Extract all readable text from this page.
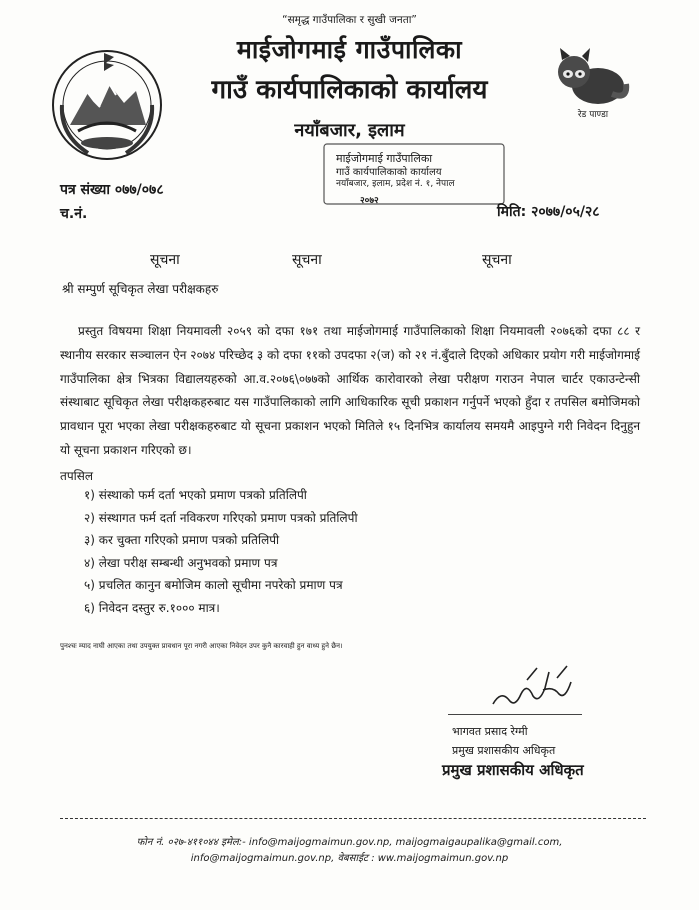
“समृद्ध गाउँपालिका र सुखी जनता”
माईजोगमाई गाउँपालिका
गाउँ कार्यपालिकाको कार्यालय
नयाँबजार, इलाम
रेड पाण्डा
माईजोगमाई गाउँपालिका
गाउँ कार्यपालिकाको कार्यालय
नयाँबजार, इलाम, प्रदेश नं. १, नेपाल
२०७२
पत्र संख्या ०७७/०७८
च.नं.	मिति: २०७७/०५/२८
सूचना	सूचना	सूचना
श्री सम्पुर्ण सूचिकृत लेखा परीक्षकहरु

प्रस्तुत विषयमा शिक्षा नियमावली २०५९ को दफा १७१ तथा माईजोगमाई गाउँपालिकाको शिक्षा नियमावली २०७६को दफा ८८ र स्थानीय सरकार सञ्चालन ऐन २०७४ परिच्छेद ३ को दफा ११को उपदफा २(ज) को २१ नं.बुँदाले दिएको अधिकार प्रयोग गरी माईजोगमाई गाउँपालिका क्षेत्र भित्रका विद्यालयहरुको आ.व.२०७६\०७७को आर्थिक कारोवारको लेखा परीक्षण गराउन नेपाल चार्टर एकाउन्टेन्सी संस्थाबाट सूचिकृत लेखा परीक्षकहरुबाट यस गाउँपालिकाको लागि आधिकारिक सूची प्रकाशन गर्नुपर्ने भएको हुँदा र तपसिल बमोजिमको प्रावधान पूरा भएका लेखा परीक्षकहरुबाट यो सूचना प्रकाशन भएको मितिले १५ दिनभित्र कार्यालय समयमै आइपुग्ने गरी निवेदन दिनुहुन यो सूचना प्रकाशन गरिएको छ।

तपसिल
१) संस्थाको फर्म दर्ता भएको प्रमाण पत्रको प्रतिलिपी
२) संस्थागत फर्म दर्ता नविकरण गरिएको प्रमाण पत्रको प्रतिलिपी
३) कर चुक्ता गरिएको प्रमाण पत्रको प्रतिलिपी
४) लेखा परीक्ष सम्बन्धी अनुभवको प्रमाण पत्र
५) प्रचलित कानुन बमोजिम कालो सूचीमा नपरेको प्रमाण पत्र
६) निवेदन दस्तुर रु.१००० मात्र।
पुनश्चः म्याद नाघी आएका तथा उपयुक्त प्रावधान पूरा नगरी आएका निवेदन उपर कुनै कारवाही हुन वाध्य हुने छैन।
भागवत प्रसाद रेग्मी
प्रमुख प्रशासकीय अधिकृत
प्रमुख प्रशासकीय अधिकृत
फोन नं. ०२७-४११०४४ इमेल:- info@maijogmaimun.gov.np, maijogmaigaupalika@gmail.com,
info@maijogmaimun.gov.np, वेबसाईट : ww.maijogmaimun.gov.np
